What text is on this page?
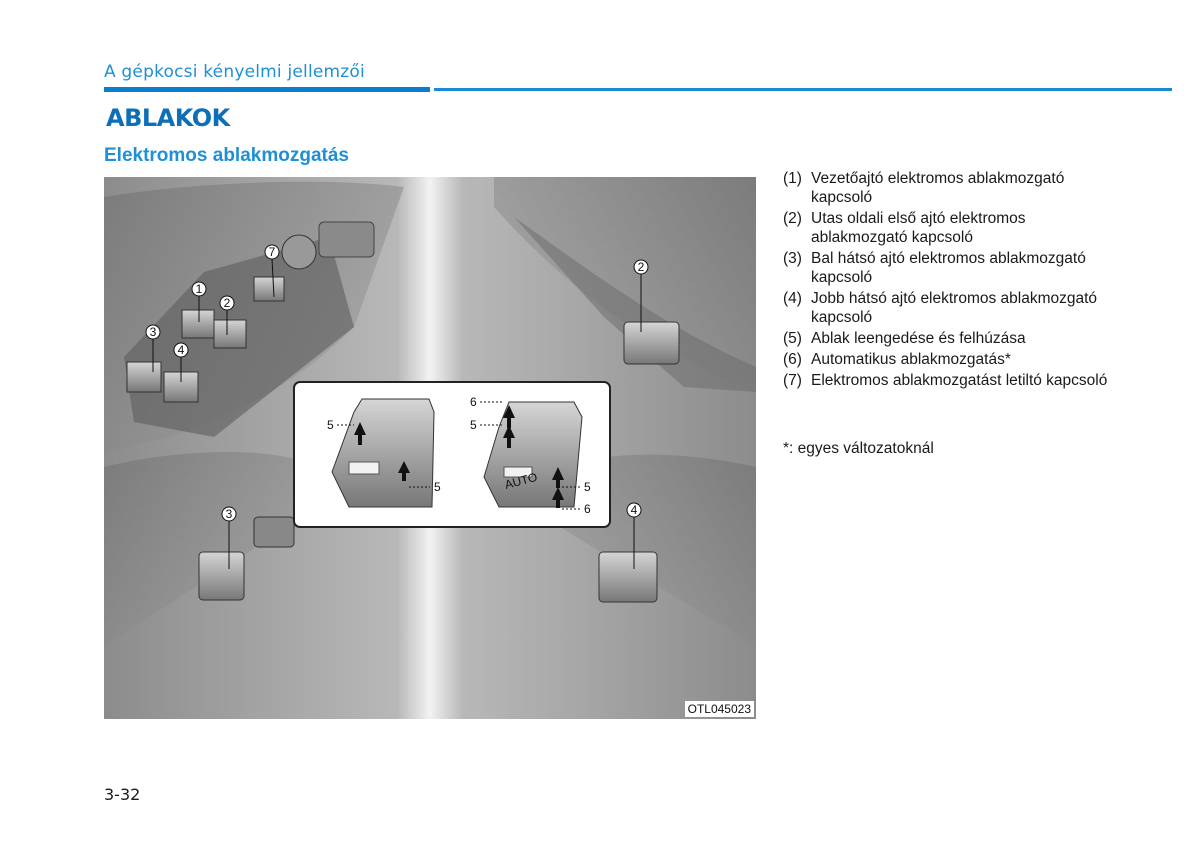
A gépkocsi kényelmi jellemzői
ABLAKOK
Elektromos ablakmozgatás
7
1
2
3
4
2
3	4
AUTO
5
5
6
5
5
6
OTL045023
(1) Vezetőajtó elektromos ablakmozgató kapcsoló
(2) Utas oldali első ajtó elektromos ablakmozgató kapcsoló
(3) Bal hátsó ajtó elektromos ablakmozgató kapcsoló
(4) Jobb hátsó ajtó elektromos ablakmozgató kapcsoló
(5) Ablak leengedése és felhúzása
(6) Automatikus ablakmozgatás*
(7) Elektromos ablakmozgatást letiltó kapcsoló
*: egyes változatoknál
3-32
